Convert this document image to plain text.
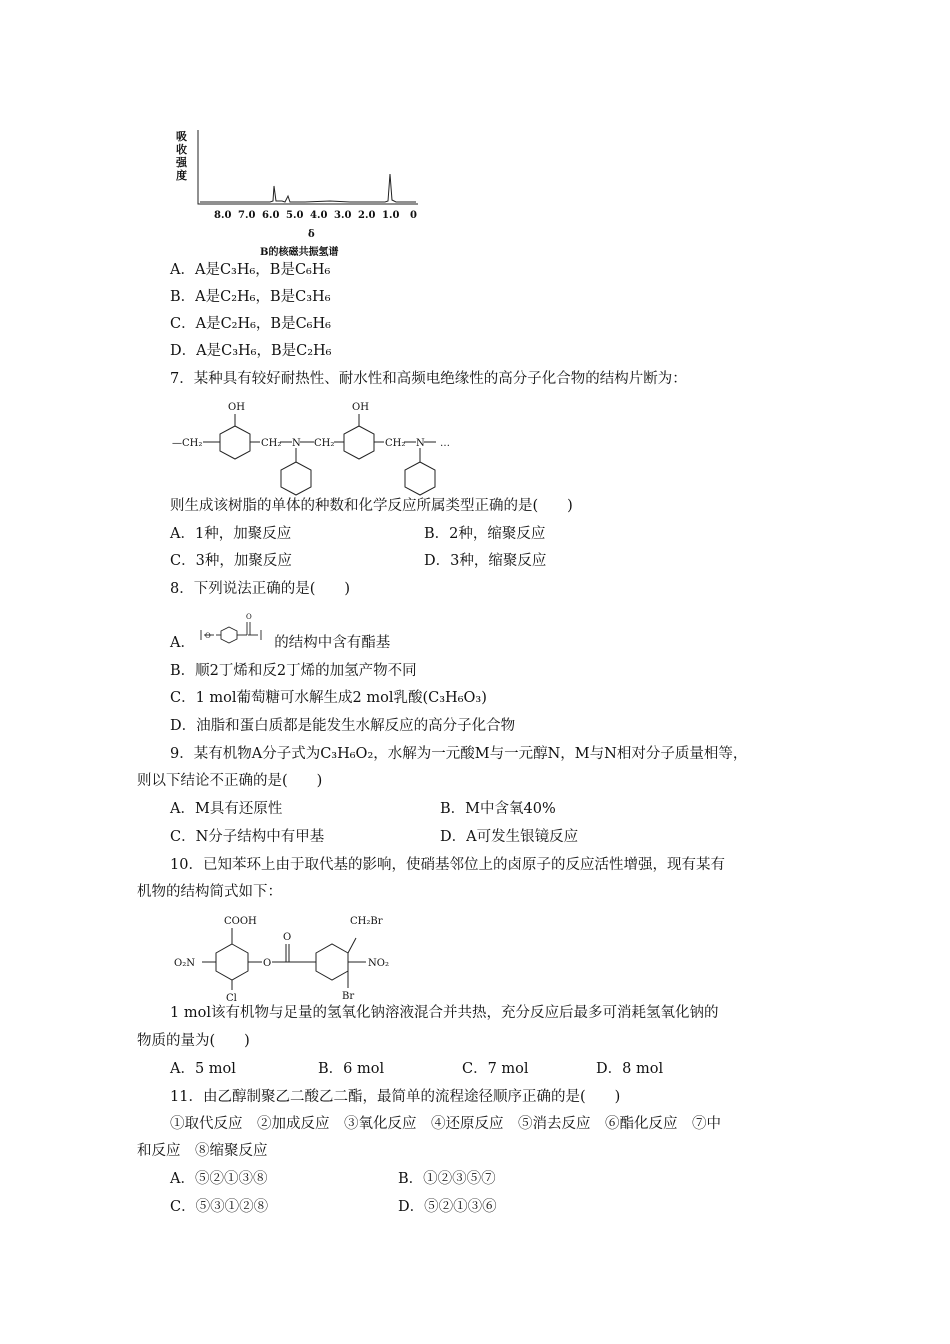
吸
收
强
度
8.0 7.0 6.0 5.0 4.0 3.0 2.0 1.0 0
δ
B的核磁共振氢谱
A．A是C₃H₆，B是C₆H₆
B．A是C₂H₆，B是C₃H₆
C．A是C₂H₆，B是C₆H₆
D．A是C₃H₆，B是C₂H₆
7．某种具有较好耐热性、耐水性和高频电绝缘性的高分子化合物的结构片断为：
OH
—CH₂	CH₂ N CH₂
OH
CH₂ N …
则生成该树脂的单体的种数和化学反应所属类型正确的是(　　)
A．1种，加聚反应	B．2种，缩聚反应
C．3种，加聚反应	D．3种，缩聚反应
8．下列说法正确的是(　　)
A．	的结构中含有酯基
O
O
B．顺2丁烯和反2丁烯的加氢产物不同
C．1 mol葡萄糖可水解生成2 mol乳酸(C₃H₆O₃)
D．油脂和蛋白质都是能发生水解反应的高分子化合物
9．某有机物A分子式为C₃H₆O₂，水解为一元酸M与一元醇N，M与N相对分子质量相等，
则以下结论不正确的是(　　)
A．M具有还原性	B．M中含氧40%
C．N分子结构中有甲基	D．A可发生银镜反应
10．已知苯环上由于取代基的影响，使硝基邻位上的卤原子的反应活性增强，现有某有
机物的结构简式如下：
COOH
O
CH₂Br
O₂N	O	NO₂
Cl	Br
1 mol该有机物与足量的氢氧化钠溶液混合并共热，充分反应后最多可消耗氢氧化钠的
物质的量为(　　)
A．5 mol	B．6 mol	C．7 mol	D．8 mol
11．由乙醇制聚乙二酸乙二酯，最简单的流程途径顺序正确的是(　　)
①取代反应　②加成反应　③氧化反应　④还原反应　⑤消去反应　⑥酯化反应　⑦中
和反应　⑧缩聚反应
A．⑤②①③⑧	B．①②③⑤⑦
C．⑤③①②⑧	D．⑤②①③⑥
